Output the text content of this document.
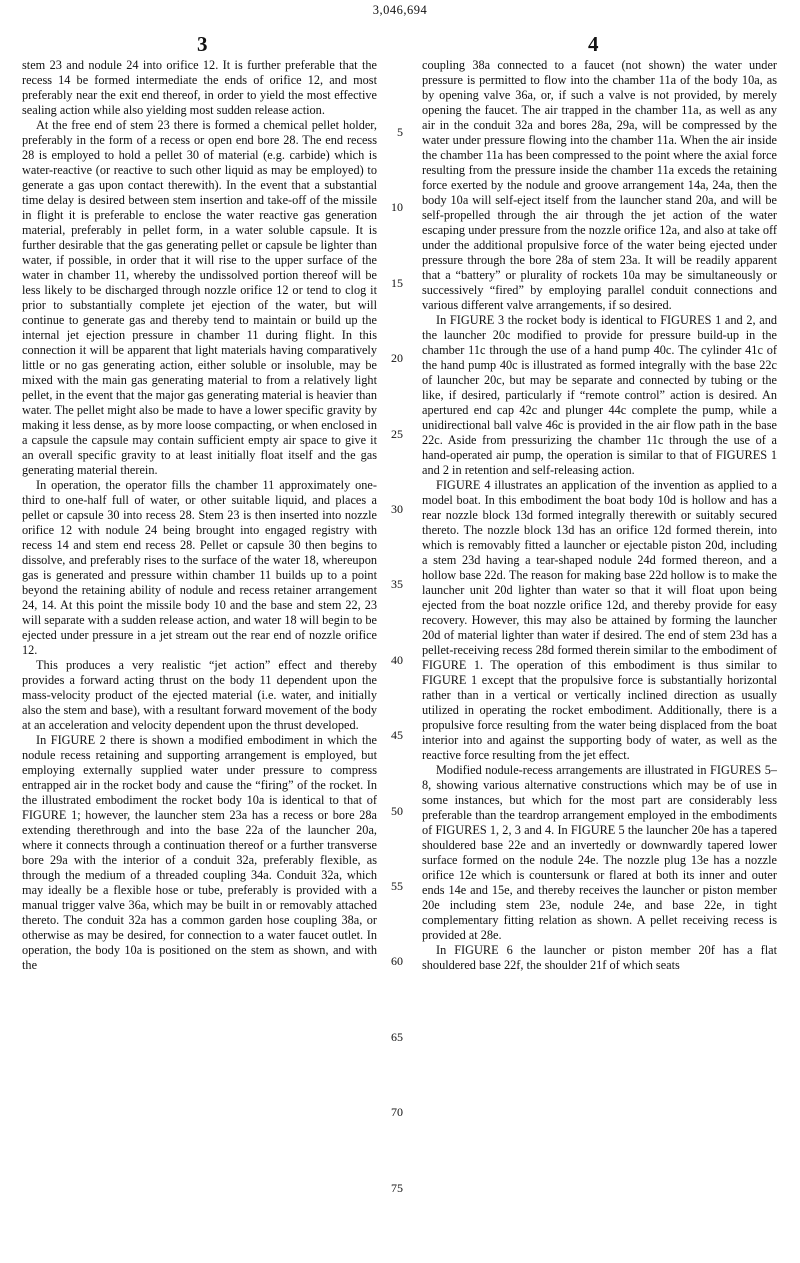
3,046,694
3	4

stem 23 and nodule 24 into orifice 12. It is further preferable that the recess 14 be formed intermediate the ends of orifice 12, and most preferably near the exit end thereof, in order to yield the most effective sealing action while also yielding most sudden release action.

At the free end of stem 23 there is formed a chemical pellet holder, preferably in the form of a recess or open end bore 28. The end recess 28 is employed to hold a pellet 30 of material (e.g. carbide) which is water-reactive (or reactive to such other liquid as may be employed) to generate a gas upon contact therewith). In the event that a substantial time delay is desired between stem insertion and take-off of the missile in flight it is preferable to enclose the water reactive gas generation material, preferably in pellet form, in a water soluble capsule. It is further desirable that the gas generating pellet or capsule be lighter than water, if possible, in order that it will rise to the upper surface of the water in chamber 11, whereby the undissolved portion thereof will be less likely to be discharged through nozzle orifice 12 or tend to clog it prior to substantially complete jet ejection of the water, but will continue to generate gas and thereby tend to maintain or build up the internal jet ejection pressure in chamber 11 during flight. In this connection it will be apparent that light materials having comparatively little or no gas generating action, either soluble or insoluble, may be mixed with the main gas generating material to from a relatively light pellet, in the event that the major gas generating material is heavier than water. The pellet might also be made to have a lower specific gravity by making it less dense, as by more loose compacting, or when enclosed in a capsule the capsule may contain sufficient empty air space to give it an overall specific gravity to at least initially float itself and the gas generating material therein.

In operation, the operator fills the chamber 11 approximately one-third to one-half full of water, or other suitable liquid, and places a pellet or capsule 30 into recess 28. Stem 23 is then inserted into nozzle orifice 12 with nodule 24 being brought into engaged registry with recess 14 and stem end recess 28. Pellet or capsule 30 then begins to dissolve, and preferably rises to the surface of the water 18, whereupon gas is generated and pressure within chamber 11 builds up to a point beyond the retaining ability of nodule and recess retainer arrangement 24, 14. At this point the missile body 10 and the base and stem 22, 23 will separate with a sudden release action, and water 18 will begin to be ejected under pressure in a jet stream out the rear end of nozzle orifice 12.

This produces a very realistic “jet action” effect and thereby provides a forward acting thrust on the body 11 dependent upon the mass-velocity product of the ejected material (i.e. water, and initially also the stem and base), with a resultant forward movement of the body at an acceleration and velocity dependent upon the thrust developed.

In FIGURE 2 there is shown a modified embodiment in which the nodule recess retaining and supporting arrangement is employed, but employing externally supplied water under pressure to compress entrapped air in the rocket body and cause the “firing” of the rocket. In the illustrated embodiment the rocket body 10a is identical to that of FIGURE 1; however, the launcher stem 23a has a recess or bore 28a extending therethrough and into the base 22a of the launcher 20a, where it connects through a continuation thereof or a further transverse bore 29a with the interior of a conduit 32a, preferably flexible, as through the medium of a threaded coupling 34a. Conduit 32a, which may ideally be a flexible hose or tube, preferably is provided with a manual trigger valve 36a, which may be built in or removably attached thereto. The conduit 32a has a common garden hose coupling 38a, or otherwise as may be desired, for connection to a water faucet outlet. In operation, the body 10a is positioned on the stem as shown, and with the

coupling 38a connected to a faucet (not shown) the water under pressure is permitted to flow into the chamber 11a of the body 10a, as by opening valve 36a, or, if such a valve is not provided, by merely opening the faucet. The air trapped in the chamber 11a, as well as any air in the conduit 32a and bores 28a, 29a, will be compressed by the water under pressure flowing into the chamber 11a. When the air inside the chamber 11a has been compressed to the point where the axial force resulting from the pressure inside the chamber 11a exceds the retaining force exerted by the nodule and groove arrangement 14a, 24a, then the body 10a will self-eject itself from the launcher stand 20a, and will be self-propelled through the air through the jet action of the water escaping under pressure from the nozzle orifice 12a, and also at take off under the additional propulsive force of the water being ejected under pressure through the bore 28a of stem 23a. It will be readily apparent that a “battery” or plurality of rockets 10a may be simultaneously or successively “fired” by employing parallel conduit connections and various different valve arrangements, if so desired.

In FIGURE 3 the rocket body is identical to FIGURES 1 and 2, and the launcher 20c modified to provide for pressure build-up in the chamber 11c through the use of a hand pump 40c. The cylinder 41c of the hand pump 40c is illustrated as formed integrally with the base 22c of launcher 20c, but may be separate and connected by tubing or the like, if desired, particularly if “remote control” action is desired. An apertured end cap 42c and plunger 44c complete the pump, while a unidirectional ball valve 46c is provided in the air flow path in the base 22c. Aside from pressurizing the chamber 11c through the use of a hand-operated air pump, the operation is similar to that of FIGURES 1 and 2 in retention and self-releasing action.

FIGURE 4 illustrates an application of the invention as applied to a model boat. In this embodiment the boat body 10d is hollow and has a rear nozzle block 13d formed integrally therewith or suitably secured thereto. The nozzle block 13d has an orifice 12d formed therein, into which is removably fitted a launcher or ejectable piston 20d, including a stem 23d having a tear-shaped nodule 24d formed thereon, and a hollow base 22d. The reason for making base 22d hollow is to make the launcher unit 20d lighter than water so that it will float upon being ejected from the boat nozzle orifice 12d, and thereby provide for easy recovery. However, this may also be attained by forming the launcher 20d of material lighter than water if desired. The end of stem 23d has a pellet-receiving recess 28d formed therein similar to the embodiment of FIGURE 1. The operation of this embodiment is thus similar to FIGURE 1 except that the propulsive force is substantially horizontal rather than in a vertical or vertically inclined direction as usually utilized in operating the rocket embodiment. Additionally, there is a propulsive force resulting from the water being displaced from the boat interior into and against the supporting body of water, as well as the reactive force resulting from the jet effect.

Modified nodule-recess arrangements are illustrated in FIGURES 5–8, showing various alternative constructions which may be of use in some instances, but which for the most part are considerably less preferable than the teardrop arrangement employed in the embodiments of FIGURES 1, 2, 3 and 4. In FIGURE 5 the launcher 20e has a tapered shouldered base 22e and an invertedly or downwardly tapered lower surface formed on the nodule 24e. The nozzle plug 13e has a nozzle orifice 12e which is countersunk or flared at both its inner and outer ends 14e and 15e, and thereby receives the launcher or piston member 20e including stem 23e, nodule 24e, and base 22e, in tight complementary fitting relation as shown. A pellet receiving recess is provided at 28e.

In FIGURE 6 the launcher or piston member 20f has a flat shouldered base 22f, the shoulder 21f of which seats

5
10
15
20
25
30
35
40
45
50
55
60
65
70
75
